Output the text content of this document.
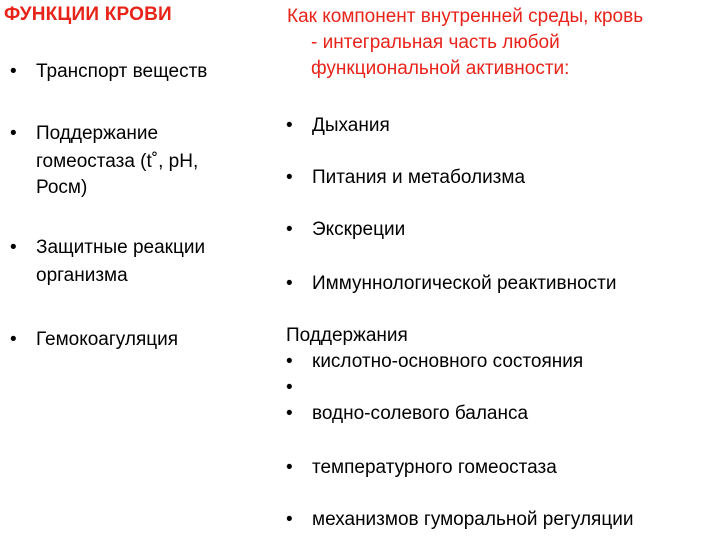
ФУНКЦИИ КРОВИ
• Транспорт веществ
• Поддержание
гомеостаза (t˚, pH,
Росм)
• Защитные реакции
организма
• Гемокоагуляция
Как компонент внутренней среды, кровь
- интегральная часть любой
функциональной активности:
• Дыхания
• Питания и метаболизма
• Экскреции
• Иммуннологической реактивности
Поддержания
• кислотно-основного состояния
•
• водно-солевого баланса
• температурного гомеостаза
• механизмов гуморальной регуляции
